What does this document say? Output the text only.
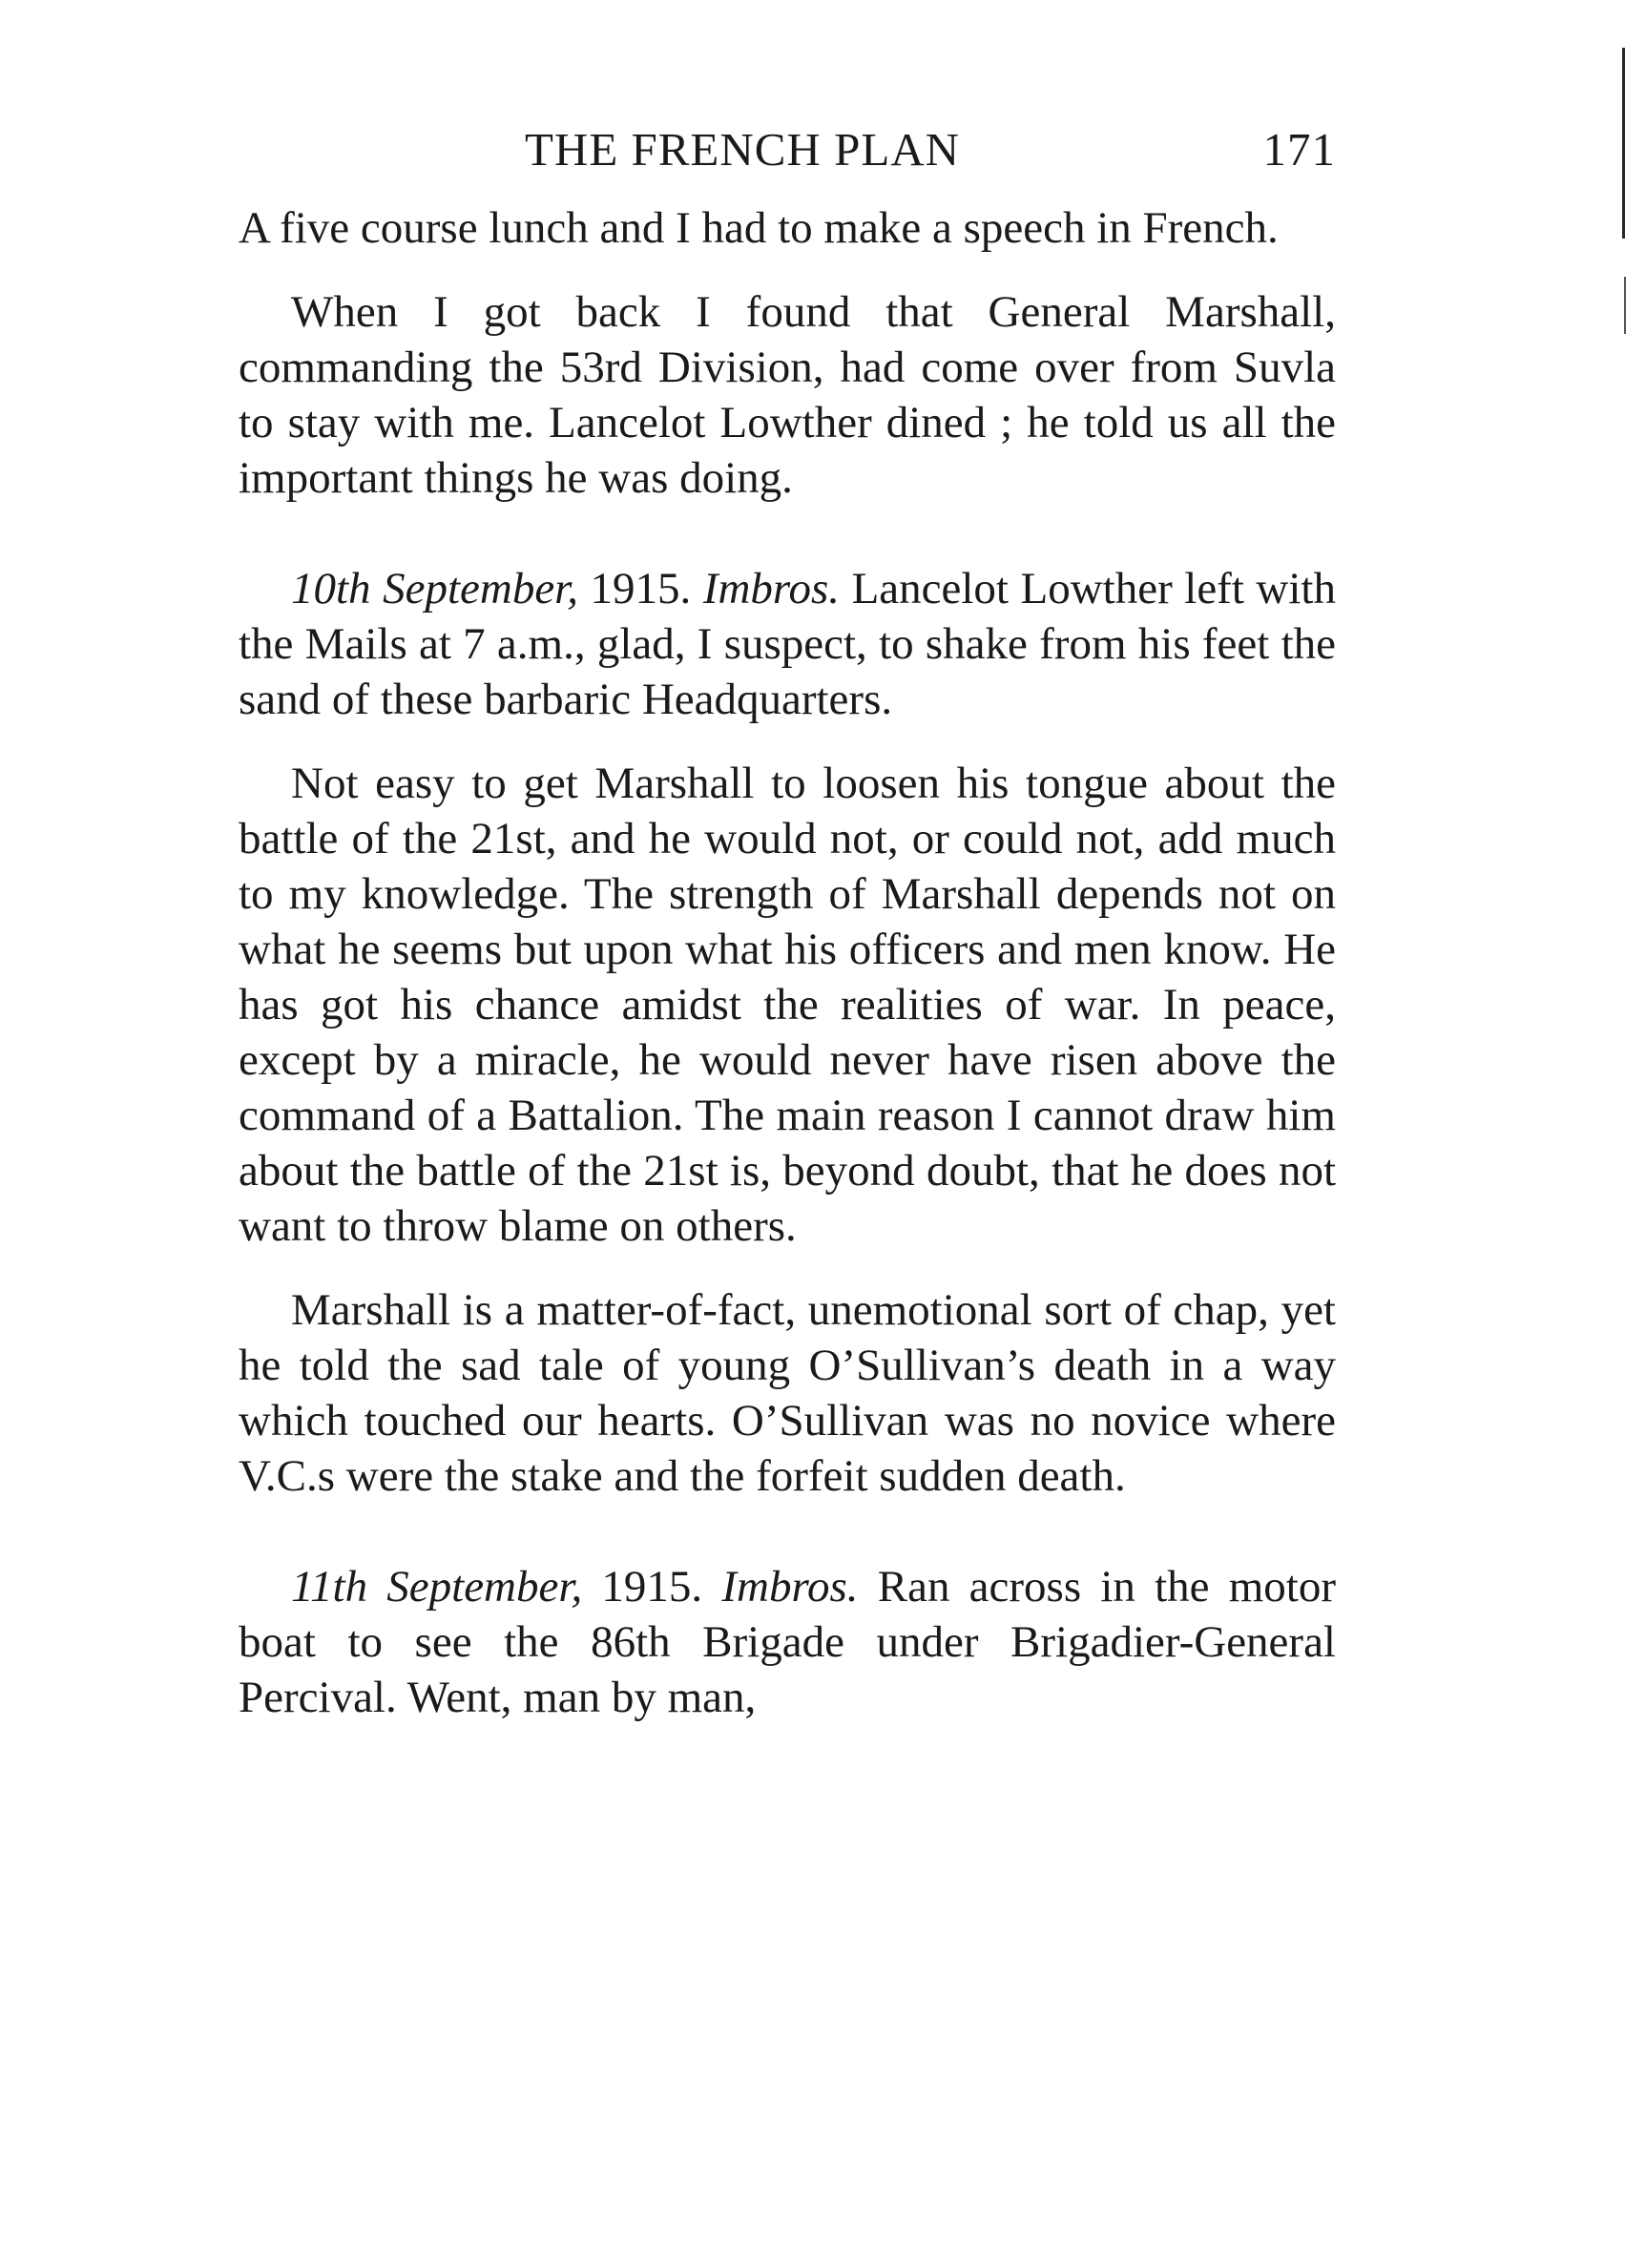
THE FRENCH PLAN	171

A five course lunch and I had to make a speech in French.

When I got back I found that General Marshall, commanding the 53rd Division, had come over from Suvla to stay with me. Lancelot Lowther dined ; he told us all the important things he was doing.

10th September, 1915. Imbros. Lancelot Lowther left with the Mails at 7 a.m., glad, I suspect, to shake from his feet the sand of these barbaric Headquarters.

Not easy to get Marshall to loosen his tongue about the battle of the 21st, and he would not, or could not, add much to my knowledge. The strength of Marshall depends not on what he seems but upon what his officers and men know. He has got his chance amidst the realities of war. In peace, except by a miracle, he would never have risen above the command of a Battalion. The main reason I cannot draw him about the battle of the 21st is, beyond doubt, that he does not want to throw blame on others.

Marshall is a matter-of-fact, unemotional sort of chap, yet he told the sad tale of young O’Sullivan’s death in a way which touched our hearts. O’Sullivan was no novice where V.C.s were the stake and the forfeit sudden death.

11th September, 1915. Imbros. Ran across in the motor boat to see the 86th Brigade under Brigadier-General Percival. Went, man by man,
